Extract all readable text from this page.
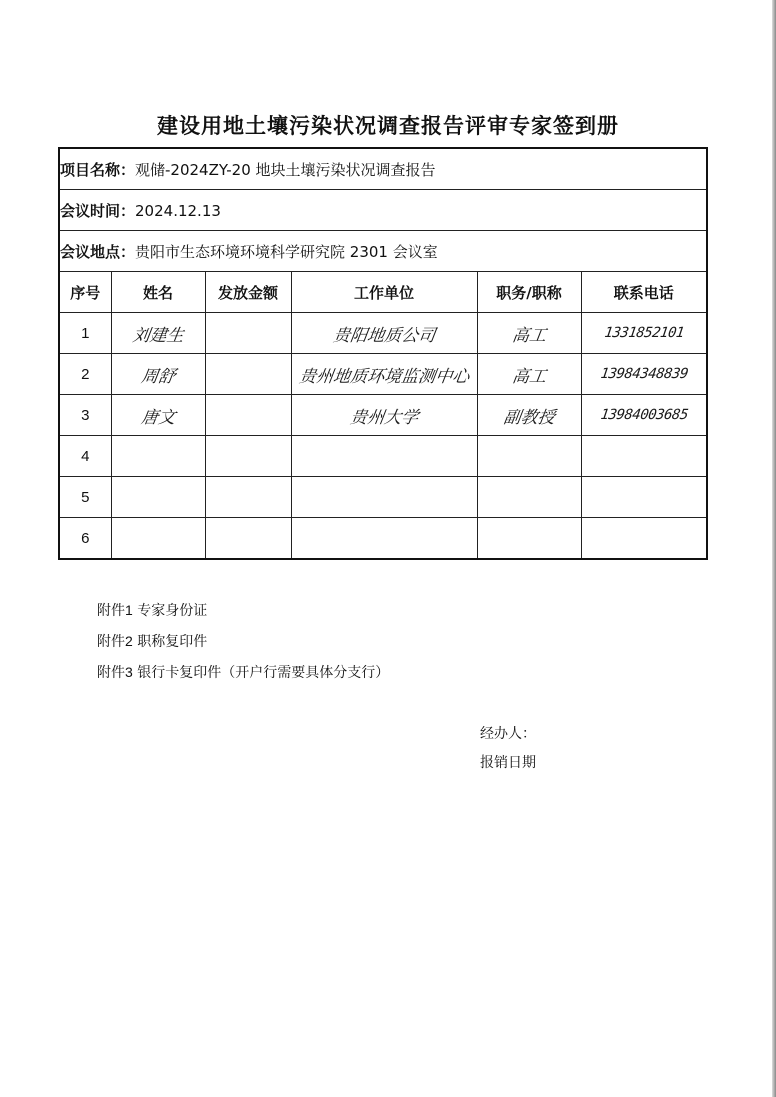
建设用地土壤污染状况调查报告评审专家签到册
项目名称：观储-2024ZY-20 地块土壤污染状况调查报告					
会议时间：2024.12.13					
会议地点：贵阳市生态环境环境科学研究院 2301 会议室					
序号	姓名	发放金额	工作单位	职务/职称	联系电话
1	刘建生		贵阳地质公司	高工	1331852101

2	周舒		贵州地质环境监测中心	高工	13984348839

3	唐文		贵州大学	副教授	13984003685

4					
5					
6					
附件1 专家身份证
附件2 职称复印件
附件3 银行卡复印件（开户行需要具体分支行）
经办人：
报销日期
